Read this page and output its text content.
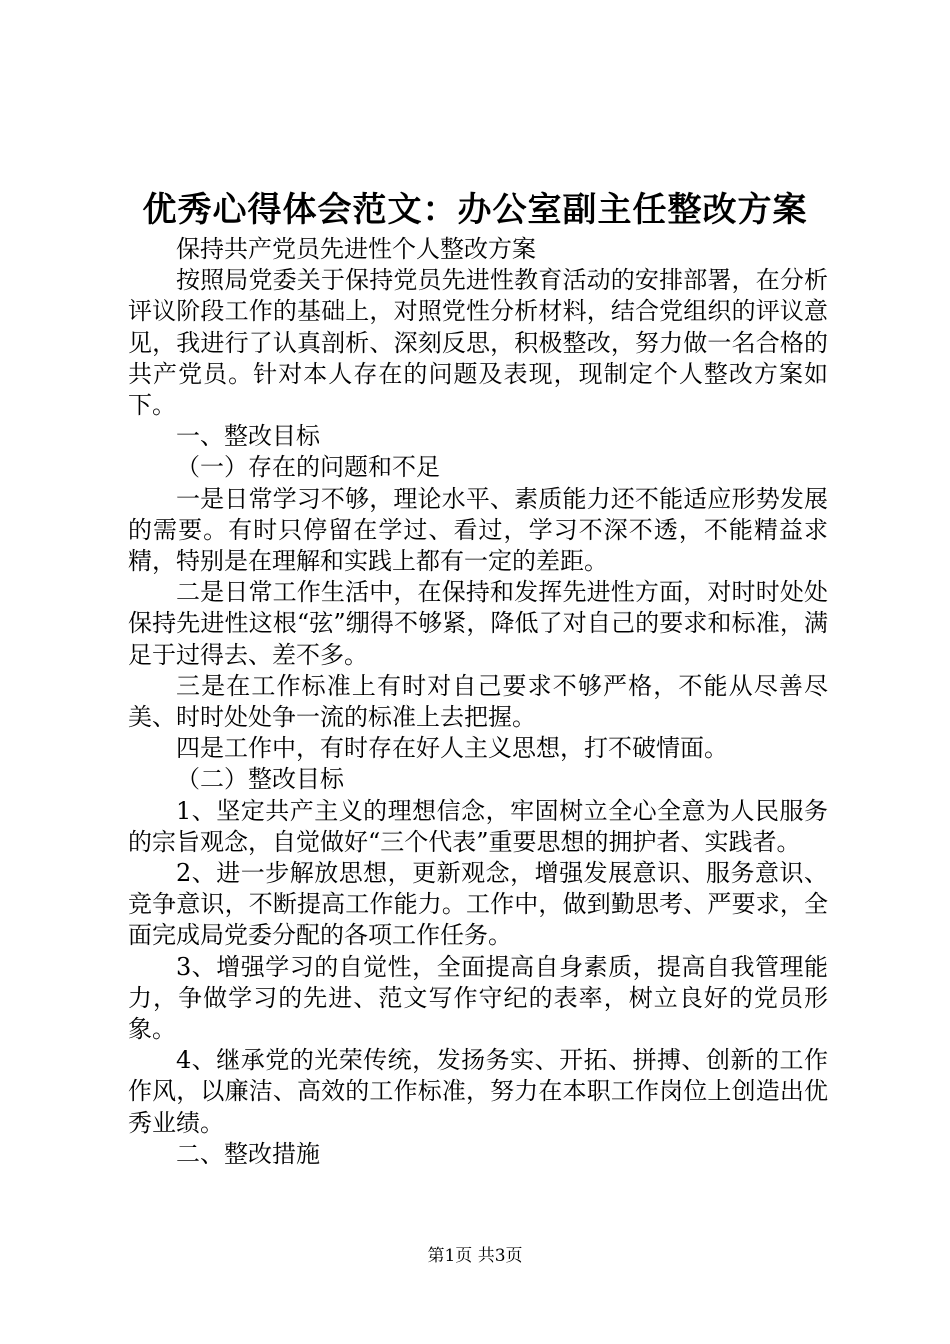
优秀心得体会范文：办公室副主任整改方案

保持共产党员先进性个人整改方案

按照局党委关于保持党员先进性教育活动的安排部署，在分析评议阶段工作的基础上，对照党性分析材料，结合党组织的评议意见，我进行了认真剖析、深刻反思，积极整改，努力做一名合格的共产党员。针对本人存在的问题及表现，现制定个人整改方案如下。

一、整改目标

（一）存在的问题和不足

一是日常学习不够，理论水平、素质能力还不能适应形势发展的需要。有时只停留在学过、看过，学习不深不透，不能精益求精，特别是在理解和实践上都有一定的差距。

二是日常工作生活中，在保持和发挥先进性方面，对时时处处保持先进性这根“弦”绷得不够紧，降低了对自己的要求和标准，满足于过得去、差不多。

三是在工作标准上有时对自己要求不够严格，不能从尽善尽美、时时处处争一流的标准上去把握。

四是工作中，有时存在好人主义思想，打不破情面。

（二）整改目标

1、坚定共产主义的理想信念，牢固树立全心全意为人民服务的宗旨观念，自觉做好“三个代表”重要思想的拥护者、实践者。

2、进一步解放思想，更新观念，增强发展意识、服务意识、竞争意识，不断提高工作能力。工作中，做到勤思考、严要求，全面完成局党委分配的各项工作任务。

3、增强学习的自觉性，全面提高自身素质，提高自我管理能力，争做学习的先进、范文写作守纪的表率，树立良好的党员形象。

4、继承党的光荣传统，发扬务实、开拓、拼搏、创新的工作作风，以廉洁、高效的工作标准，努力在本职工作岗位上创造出优秀业绩。

二、整改措施

第1页 共3页
